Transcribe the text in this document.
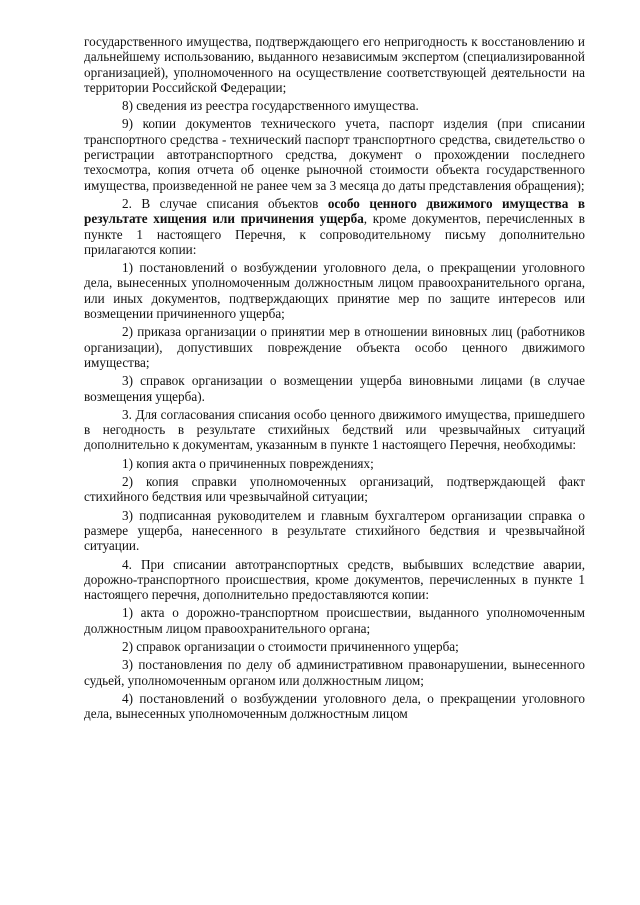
государственного имущества, подтверждающего его непригодность к восстановлению и дальнейшему использованию, выданного независимым экспертом (специализированной организацией), уполномоченного на осуществление соответствующей деятельности на территории Российской Федерации;

8) сведения из реестра государственного имущества.

9) копии документов технического учета, паспорт изделия (при списании транспортного средства - технический паспорт транспортного средства, свидетельство о регистрации автотранспортного средства, документ о прохождении последнего техосмотра, копия отчета об оценке рыночной стоимости объекта государственного имущества, произведенной не ранее чем за 3 месяца до даты представления обращения);

2. В случае списания объектов особо ценного движимого имущества в результате хищения или причинения ущерба, кроме документов, перечисленных в пункте 1 настоящего Перечня, к сопроводительному письму дополнительно прилагаются копии:

1) постановлений о возбуждении уголовного дела, о прекращении уголовного дела, вынесенных уполномоченным должностным лицом правоохранительного органа, или иных документов, подтверждающих принятие мер по защите интересов или возмещении причиненного ущерба;

2) приказа организации о принятии мер в отношении виновных лиц (работников организации), допустивших повреждение объекта особо ценного движимого имущества;

3) справок организации о возмещении ущерба виновными лицами (в случае возмещения ущерба).

3. Для согласования списания особо ценного движимого имущества, пришедшего в негодность в результате стихийных бедствий или чрезвычайных ситуаций дополнительно к документам, указанным в пункте 1 настоящего Перечня, необходимы:

1) копия акта о причиненных повреждениях;

2) копия справки уполномоченных организаций, подтверждающей факт стихийного бедствия или чрезвычайной ситуации;

3) подписанная руководителем и главным бухгалтером организации справка о размере ущерба, нанесенного в результате стихийного бедствия и чрезвычайной ситуации.

4. При списании автотранспортных средств, выбывших вследствие аварии, дорожно-транспортного происшествия, кроме документов, перечисленных в пункте 1 настоящего перечня, дополнительно предоставляются копии:

1) акта о дорожно-транспортном происшествии, выданного уполномоченным должностным лицом правоохранительного органа;

2) справок организации о стоимости причиненного ущерба;

3) постановления по делу об административном правонарушении, вынесенного судьей, уполномоченным органом или должностным лицом;

4) постановлений о возбуждении уголовного дела, о прекращении уголовного дела, вынесенных уполномоченным должностным лицом
